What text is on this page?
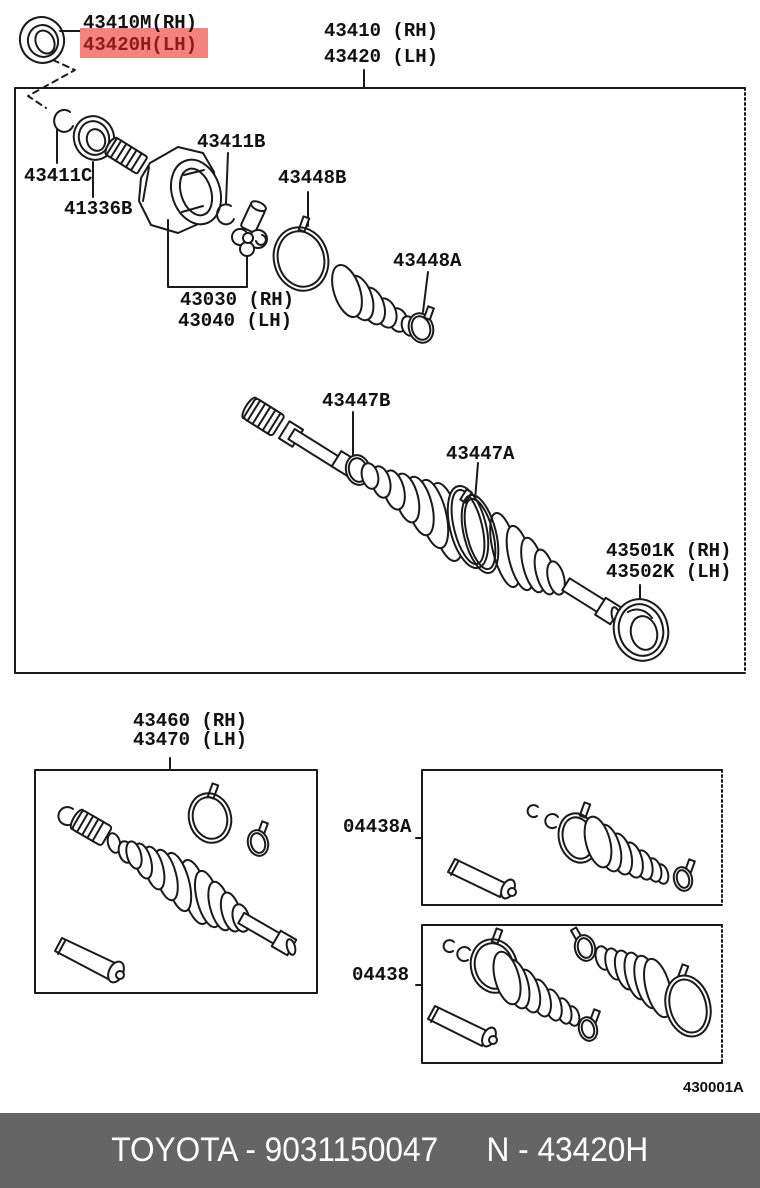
43410M(RH)
43420H(LH)
43410 (RH)
43420 (LH)
43411C
41336B
43411B
43448B
43030 (RH)
43040 (LH)
43448A
43447B
43447A
43501K (RH)
43502K (LH)
43460 (RH)
43470 (LH)
04438A
04438
430001A
TOYOTA - 9031150047 N - 43420H
